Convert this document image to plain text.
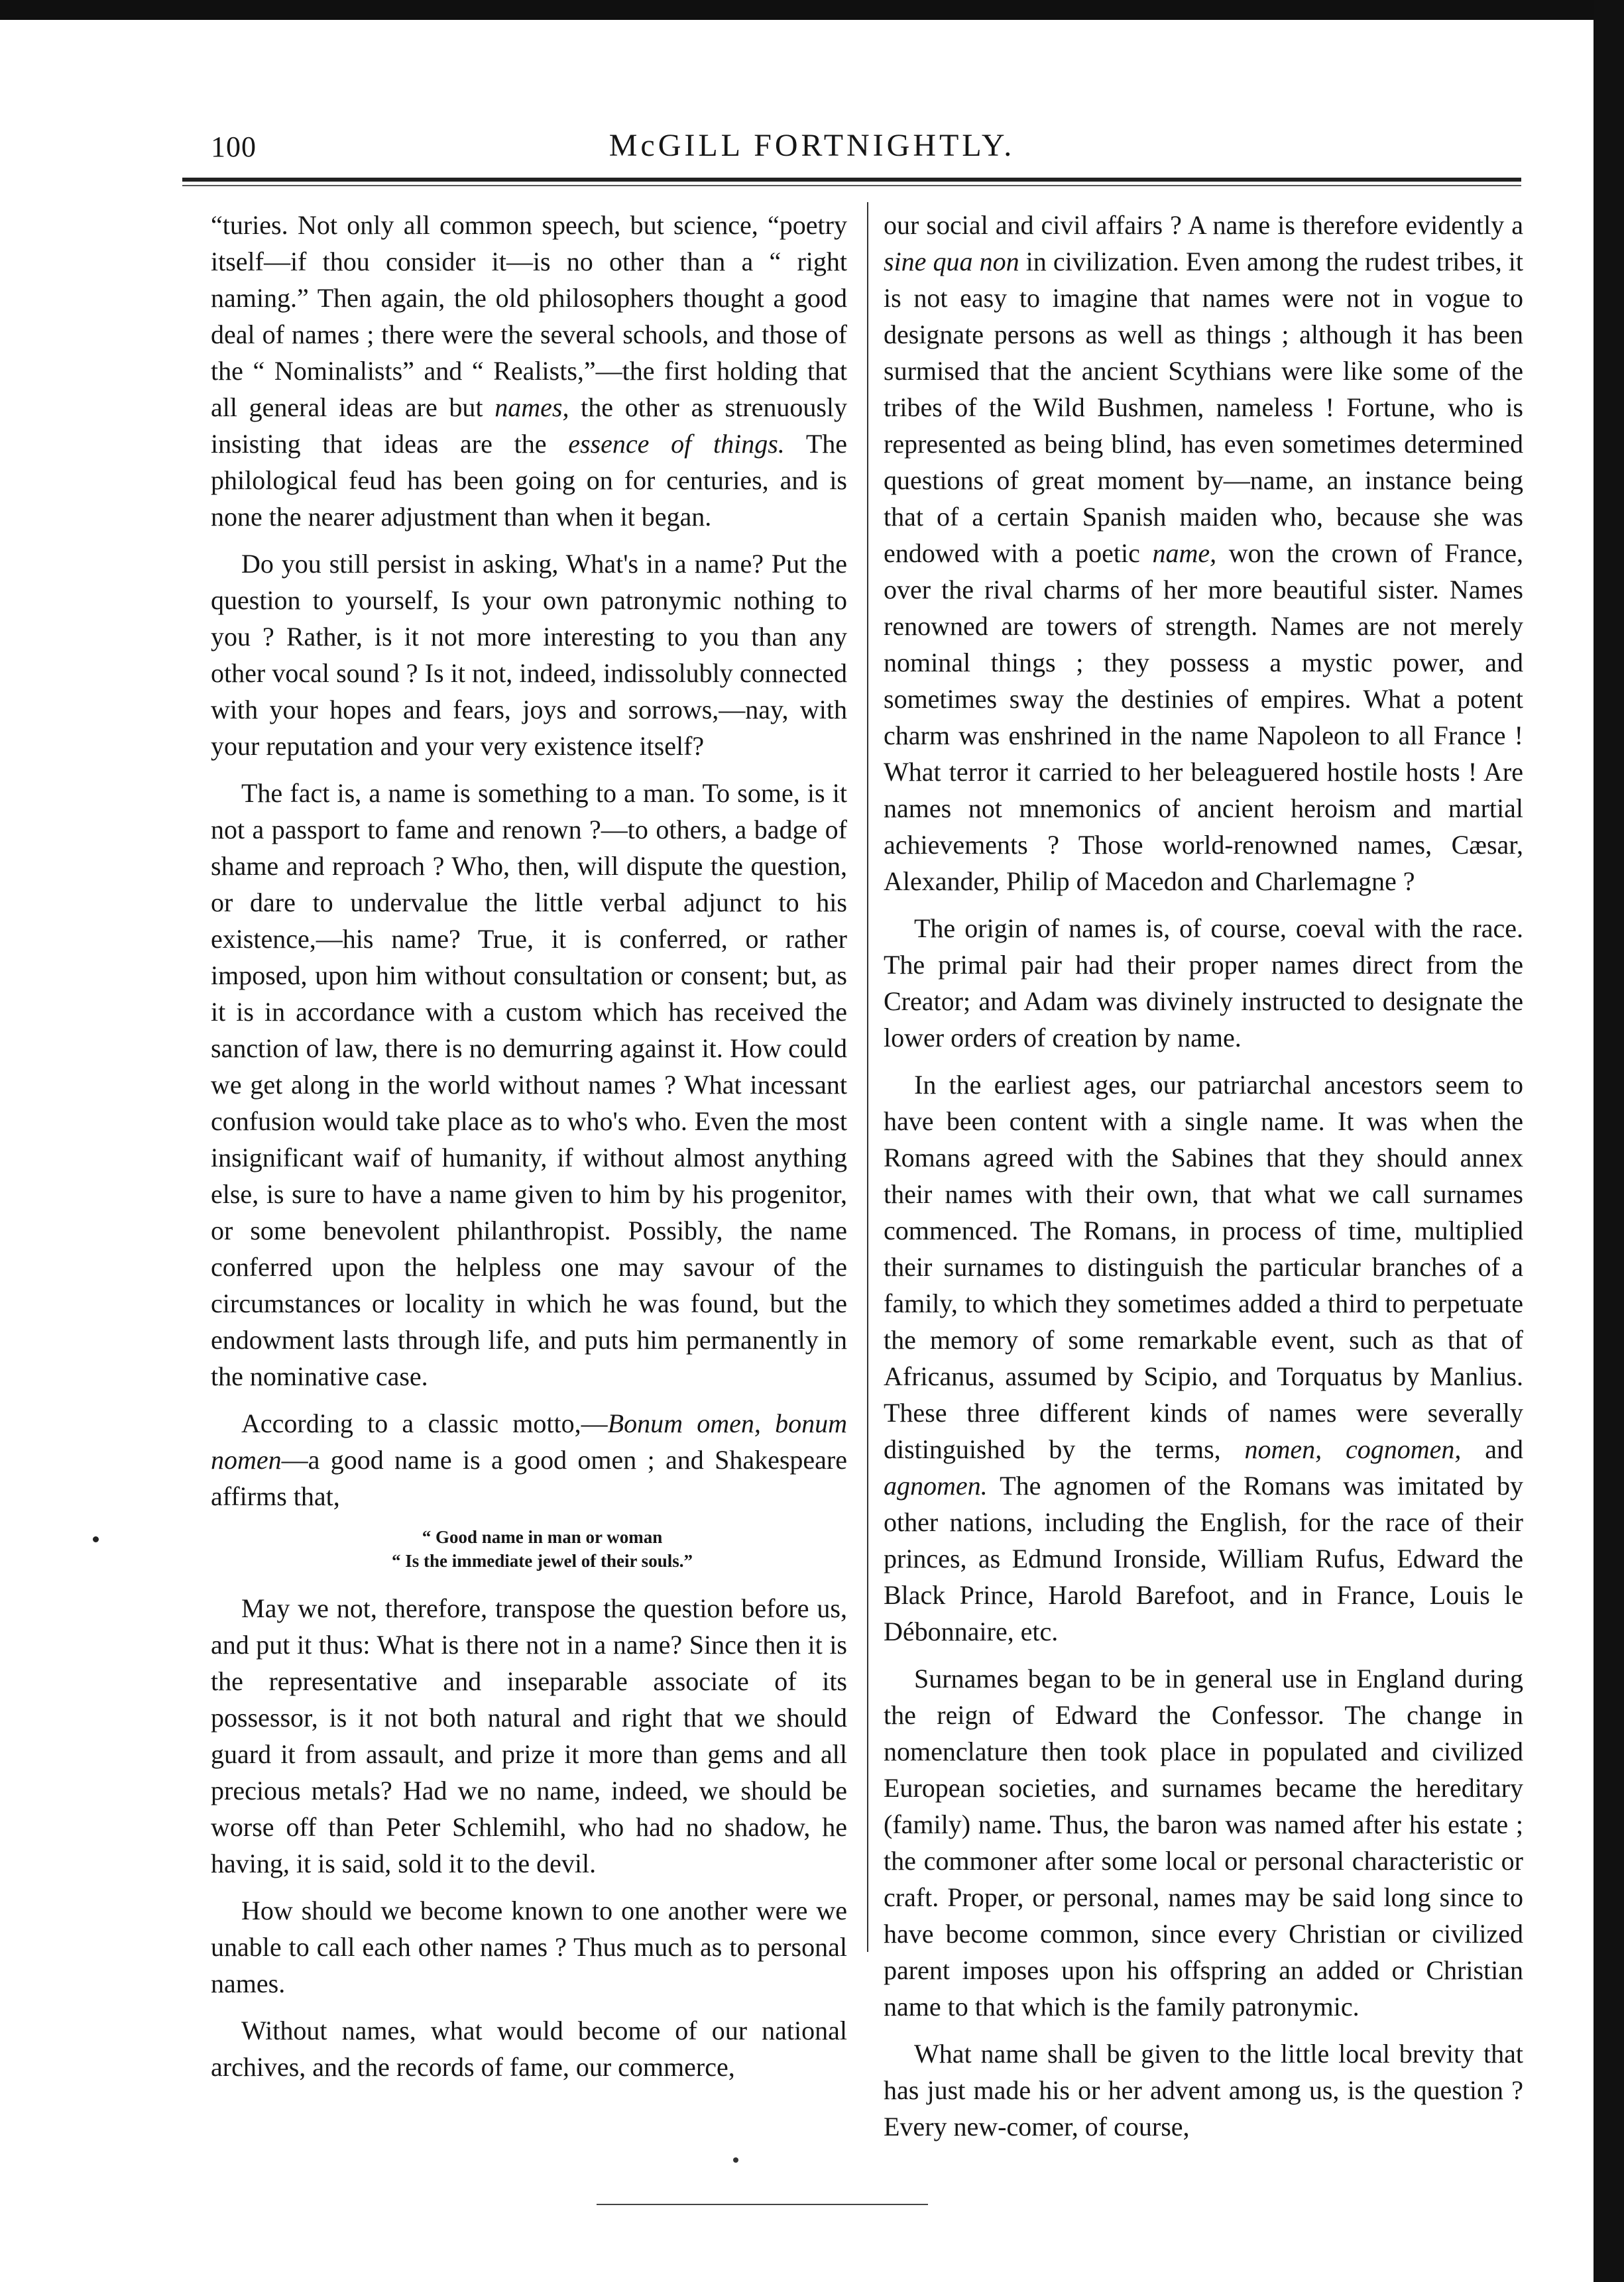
100	McGILL FORTNIGHTLY.

“turies. Not only all common speech, but science, “poetry itself—if thou consider it—is no other than a “ right naming.” Then again, the old philosophers thought a good deal of names ; there were the several schools, and those of the “ Nominalists” and “ Realists,”—the first holding that all general ideas are but names, the other as strenuously insisting that ideas are the essence of things. The philological feud has been going on for centuries, and is none the nearer adjustment than when it began.

Do you still persist in asking, What's in a name? Put the question to yourself, Is your own patronymic nothing to you ? Rather, is it not more interesting to you than any other vocal sound ? Is it not, indeed, indissolubly connected with your hopes and fears, joys and sorrows,—nay, with your reputation and your very existence itself?

The fact is, a name is something to a man. To some, is it not a passport to fame and renown ?—to others, a badge of shame and reproach ? Who, then, will dispute the question, or dare to undervalue the little verbal adjunct to his existence,—his name? True, it is conferred, or rather imposed, upon him without consultation or consent; but, as it is in accordance with a custom which has received the sanction of law, there is no demurring against it. How could we get along in the world without names ? What incessant confusion would take place as to who's who. Even the most insignificant waif of humanity, if without almost anything else, is sure to have a name given to him by his progenitor, or some benevolent philanthropist. Possibly, the name conferred upon the helpless one may savour of the circumstances or locality in which he was found, but the endowment lasts through life, and puts him permanently in the nominative case.

According to a classic motto,—Bonum omen, bonum nomen—a good name is a good omen ; and Shakespeare affirms that,

“ Good name in man or woman
“ Is the immediate jewel of their souls.”

May we not, therefore, transpose the question before us, and put it thus: What is there not in a name? Since then it is the representative and inseparable associate of its possessor, is it not both natural and right that we should guard it from assault, and prize it more than gems and all precious metals? Had we no name, indeed, we should be worse off than Peter Schlemihl, who had no shadow, he having, it is said, sold it to the devil.

How should we become known to one another were we unable to call each other names ? Thus much as to personal names.

Without names, what would become of our national archives, and the records of fame, our commerce,

our social and civil affairs ? A name is therefore evidently a sine qua non in civilization. Even among the rudest tribes, it is not easy to imagine that names were not in vogue to designate persons as well as things ; although it has been surmised that the ancient Scythians were like some of the tribes of the Wild Bushmen, nameless ! Fortune, who is represented as being blind, has even sometimes determined questions of great moment by—name, an instance being that of a certain Spanish maiden who, because she was endowed with a poetic name, won the crown of France, over the rival charms of her more beautiful sister. Names renowned are towers of strength. Names are not merely nominal things ; they possess a mystic power, and sometimes sway the destinies of empires. What a potent charm was enshrined in the name Napoleon to all France ! What terror it carried to her beleaguered hostile hosts ! Are names not mnemonics of ancient heroism and martial achievements ? Those world-renowned names, Cæsar, Alexander, Philip of Macedon and Charlemagne ?

The origin of names is, of course, coeval with the race. The primal pair had their proper names direct from the Creator; and Adam was divinely instructed to designate the lower orders of creation by name.

In the earliest ages, our patriarchal ancestors seem to have been content with a single name. It was when the Romans agreed with the Sabines that they should annex their names with their own, that what we call surnames commenced. The Romans, in process of time, multiplied their surnames to distinguish the particular branches of a family, to which they sometimes added a third to perpetuate the memory of some remarkable event, such as that of Africanus, assumed by Scipio, and Torquatus by Manlius. These three different kinds of names were severally distinguished by the terms, nomen, cognomen, and agnomen. The agnomen of the Romans was imitated by other nations, including the English, for the race of their princes, as Edmund Ironside, William Rufus, Edward the Black Prince, Harold Barefoot, and in France, Louis le Débonnaire, etc.

Surnames began to be in general use in England during the reign of Edward the Confessor. The change in nomenclature then took place in populated and civilized European societies, and surnames became the hereditary (family) name. Thus, the baron was named after his estate ; the commoner after some local or personal characteristic or craft. Proper, or personal, names may be said long since to have become common, since every Christian or civilized parent imposes upon his offspring an added or Christian name to that which is the family patronymic.

What name shall be given to the little local brevity that has just made his or her advent among us, is the question ? Every new-comer, of course,
